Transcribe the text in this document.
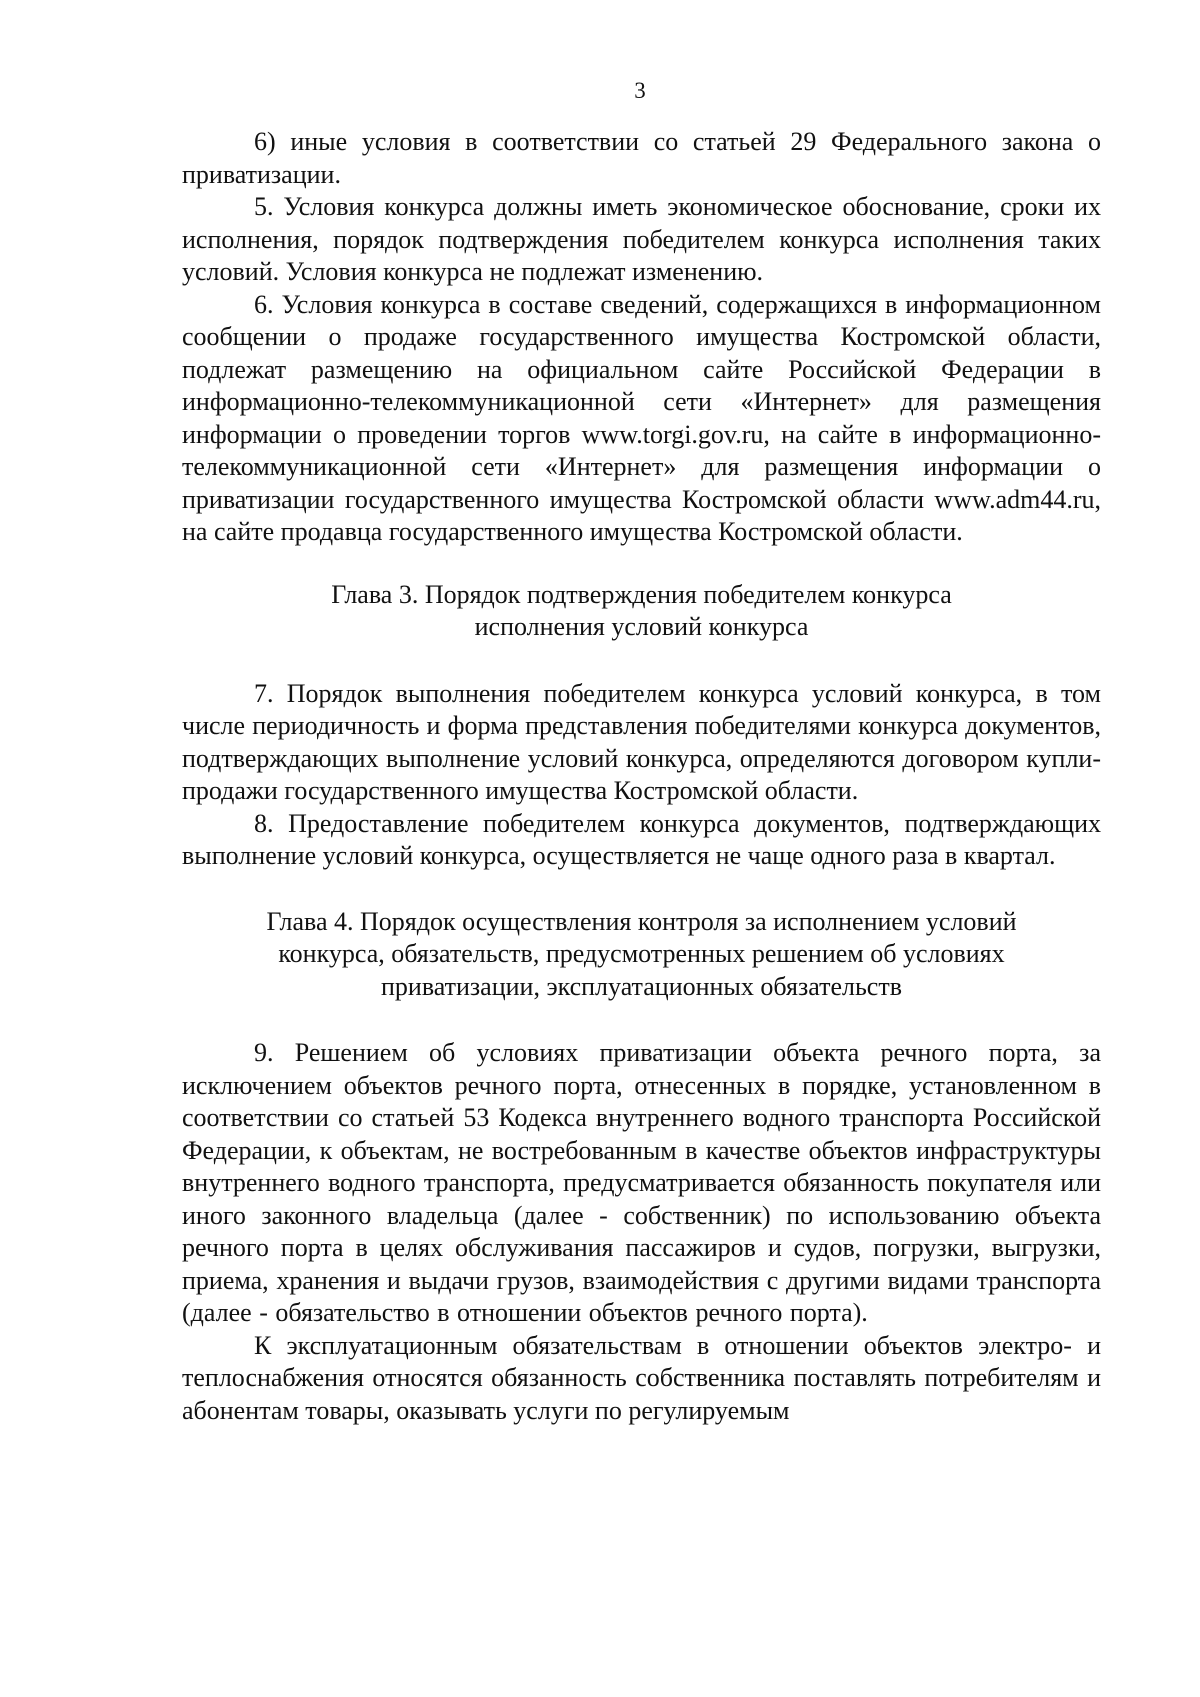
3

6) иные условия в соответствии со статьей 29 Федерального закона о приватизации.

5. Условия конкурса должны иметь экономическое обоснование, сроки их исполнения, порядок подтверждения победителем конкурса исполнения таких условий. Условия конкурса не подлежат изменению.

6. Условия конкурса в составе сведений, содержащихся в информационном сообщении о продаже государственного имущества Костромской области, подлежат размещению на официальном сайте Российской Федерации в информационно-телекоммуникационной сети «Интернет» для размещения информации о проведении торгов www.torgi.gov.ru, на сайте в информационно-телекоммуникационной сети «Интернет» для размещения информации о приватизации государственного имущества Костромской области www.adm44.ru, на сайте продавца государственного имущества Костромской области.

Глава 3. Порядок подтверждения победителем конкурса
исполнения условий конкурса

7. Порядок выполнения победителем конкурса условий конкурса, в том числе периодичность и форма представления победителями конкурса документов, подтверждающих выполнение условий конкурса, определяются договором купли-продажи государственного имущества Костромской области.

8. Предоставление победителем конкурса документов, подтверждающих выполнение условий конкурса, осуществляется не чаще одного раза в квартал.

Глава 4. Порядок осуществления контроля за исполнением условий
конкурса, обязательств, предусмотренных решением об условиях
приватизации, эксплуатационных обязательств

9. Решением об условиях приватизации объекта речного порта, за исключением объектов речного порта, отнесенных в порядке, установленном в соответствии со статьей 53 Кодекса внутреннего водного транспорта Российской Федерации, к объектам, не востребованным в качестве объектов инфраструктуры внутреннего водного транспорта, предусматривается обязанность покупателя или иного законного владельца (далее - собственник) по использованию объекта речного порта в целях обслуживания пассажиров и судов, погрузки, выгрузки, приема, хранения и выдачи грузов, взаимодействия с другими видами транспорта (далее - обязательство в отношении объектов речного порта).

К эксплуатационным обязательствам в отношении объектов электро- и теплоснабжения относятся обязанность собственника поставлять потребителям и абонентам товары, оказывать услуги по регулируемым
